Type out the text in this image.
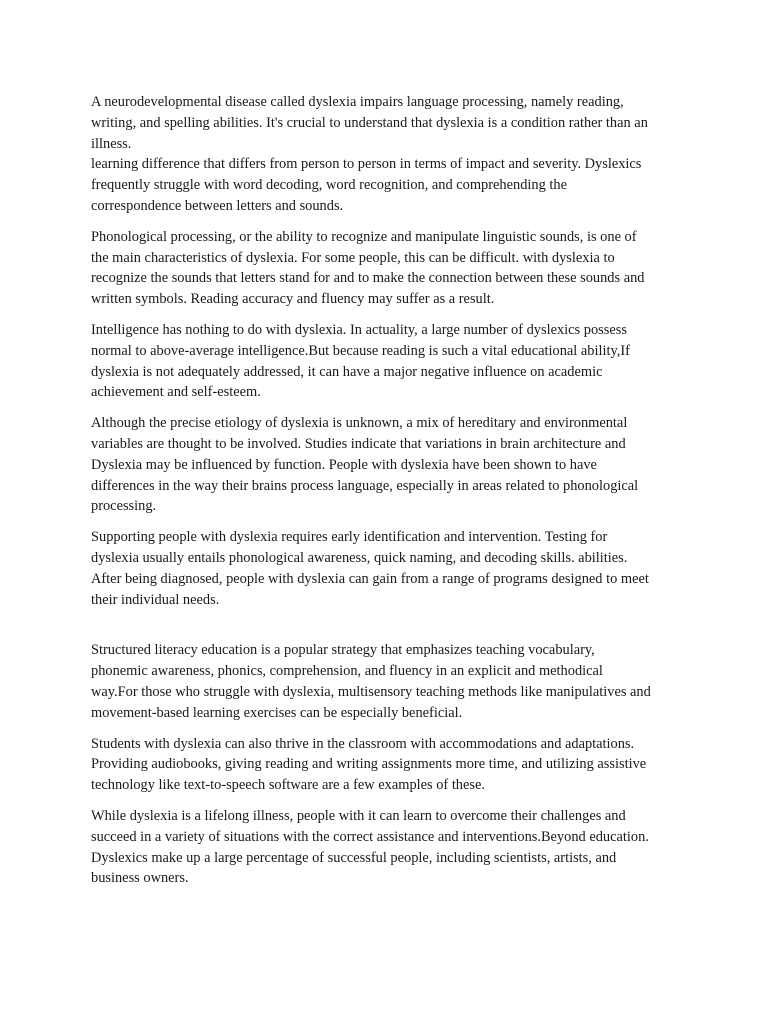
A neurodevelopmental disease called dyslexia impairs language processing, namely reading,
writing, and spelling abilities. It's crucial to understand that dyslexia is a condition rather than an
illness.
learning difference that differs from person to person in terms of impact and severity. Dyslexics
frequently struggle with word decoding, word recognition, and comprehending the
correspondence between letters and sounds.

Phonological processing, or the ability to recognize and manipulate linguistic sounds, is one of
the main characteristics of dyslexia. For some people, this can be difficult. with dyslexia to
recognize the sounds that letters stand for and to make the connection between these sounds and
written symbols. Reading accuracy and fluency may suffer as a result.

Intelligence has nothing to do with dyslexia. In actuality, a large number of dyslexics possess
normal to above-average intelligence.But because reading is such a vital educational ability,If
dyslexia is not adequately addressed, it can have a major negative influence on academic
achievement and self-esteem.

Although the precise etiology of dyslexia is unknown, a mix of hereditary and environmental
variables are thought to be involved. Studies indicate that variations in brain architecture and
Dyslexia may be influenced by function. People with dyslexia have been shown to have
differences in the way their brains process language, especially in areas related to phonological
processing.

Supporting people with dyslexia requires early identification and intervention. Testing for
dyslexia usually entails phonological awareness, quick naming, and decoding skills. abilities.
After being diagnosed, people with dyslexia can gain from a range of programs designed to meet
their individual needs.

Structured literacy education is a popular strategy that emphasizes teaching vocabulary,
phonemic awareness, phonics, comprehension, and fluency in an explicit and methodical
way.For those who struggle with dyslexia, multisensory teaching methods like manipulatives and
movement-based learning exercises can be especially beneficial.

Students with dyslexia can also thrive in the classroom with accommodations and adaptations.
Providing audiobooks, giving reading and writing assignments more time, and utilizing assistive
technology like text-to-speech software are a few examples of these.

While dyslexia is a lifelong illness, people with it can learn to overcome their challenges and
succeed in a variety of situations with the correct assistance and interventions.Beyond education.
Dyslexics make up a large percentage of successful people, including scientists, artists, and
business owners.
